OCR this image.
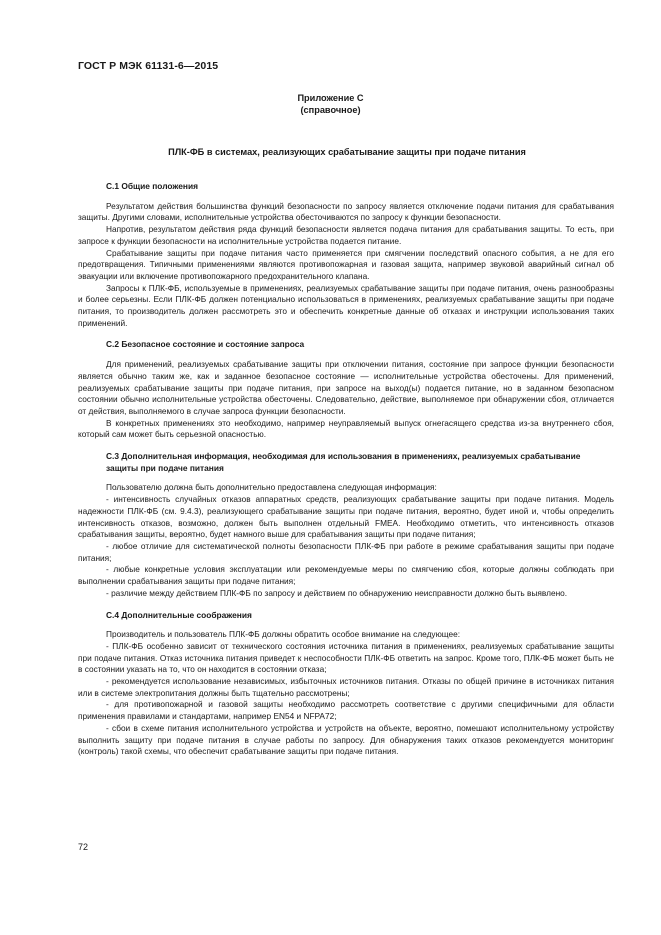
ГОСТ Р МЭК 61131-6—2015
Приложение С
(справочное)
ПЛК-ФБ в системах, реализующих срабатывание защиты при подаче питания
С.1 Общие положения

Результатом действия большинства функций безопасности по запросу является отключение подачи питания для срабатывания защиты. Другими словами, исполнительные устройства обесточиваются по запросу к функции безопасности.

Напротив, результатом действия ряда функций безопасности является подача питания для срабатывания защиты. То есть, при запросе к функции безопасности на исполнительные устройства подается питание.

Срабатывание защиты при подаче питания часто применяется при смягчении последствий опасного события, а не для его предотвращения. Типичными применениями являются противопожарная и газовая защита, например звуковой аварийный сигнал об эвакуации или включение противопожарного предохранительного клапана.

Запросы к ПЛК-ФБ, используемые в применениях, реализуемых срабатывание защиты при подаче питания, очень разнообразны и более серьезны. Если ПЛК-ФБ должен потенциально использоваться в применениях, реализуемых срабатывание защиты при подаче питания, то производитель должен рассмотреть это и обеспечить конкретные данные об отказах и инструкции использования таких применений.

С.2 Безопасное состояние и состояние запроса

Для применений, реализуемых срабатывание защиты при отключении питания, состояние при запросе функции безопасности является обычно таким же, как и заданное безопасное состояние — исполнительные устройства обесточены. Для применений, реализуемых срабатывание защиты при подаче питания, при запросе на выход(ы) подается питание, но в заданном безопасном состоянии обычно исполнительные устройства обесточены. Следовательно, действие, выполняемое при обнаружении сбоя, отличается от действия, выполняемого в случае запроса функции безопасности.

В конкретных применениях это необходимо, например неуправляемый выпуск огнегасящего средства из-за внутреннего сбоя, который сам может быть серьезной опасностью.

С.3 Дополнительная информация, необходимая для использования в применениях, реализуемых срабатывание защиты при подаче питания

Пользователю должна быть дополнительно предоставлена следующая информация:

- интенсивность случайных отказов аппаратных средств, реализующих срабатывание защиты при подаче питания. Модель надежности ПЛК-ФБ (см. 9.4.3), реализующего срабатывание защиты при подаче питания, вероятно, будет иной и, чтобы определить интенсивность отказов, возможно, должен быть выполнен отдельный FMEA. Необходимо отметить, что интенсивность отказов срабатывания защиты, вероятно, будет намного выше для срабатывания защиты при подаче питания;

- любое отличие для систематической полноты безопасности ПЛК-ФБ при работе в режиме срабатывания защиты при подаче питания;

- любые конкретные условия эксплуатации или рекомендуемые меры по смягчению сбоя, которые должны соблюдать при выполнении срабатывания защиты при подаче питания;

- различие между действием ПЛК-ФБ по запросу и действием по обнаружению неисправности должно быть выявлено.

С.4 Дополнительные соображения

Производитель и пользователь ПЛК-ФБ должны обратить особое внимание на следующее:

- ПЛК-ФБ особенно зависит от технического состояния источника питания в применениях, реализуемых срабатывание защиты при подаче питания. Отказ источника питания приведет к неспособности ПЛК-ФБ ответить на запрос. Кроме того, ПЛК-ФБ может быть не в состоянии указать на то, что он находится в состоянии отказа;

- рекомендуется использование независимых, избыточных источников питания. Отказы по общей причине в источниках питания или в системе электропитания должны быть тщательно рассмотрены;

- для противопожарной и газовой защиты необходимо рассмотреть соответствие с другими специфичными для области применения правилами и стандартами, например EN54 и NFPA72;

- сбои в схеме питания исполнительного устройства и устройств на объекте, вероятно, помешают исполнительному устройству выполнить защиту при подаче питания в случае работы по запросу. Для обнаружения таких отказов рекомендуется мониторинг (контроль) такой схемы, что обеспечит срабатывание защиты при подаче питания.

72
